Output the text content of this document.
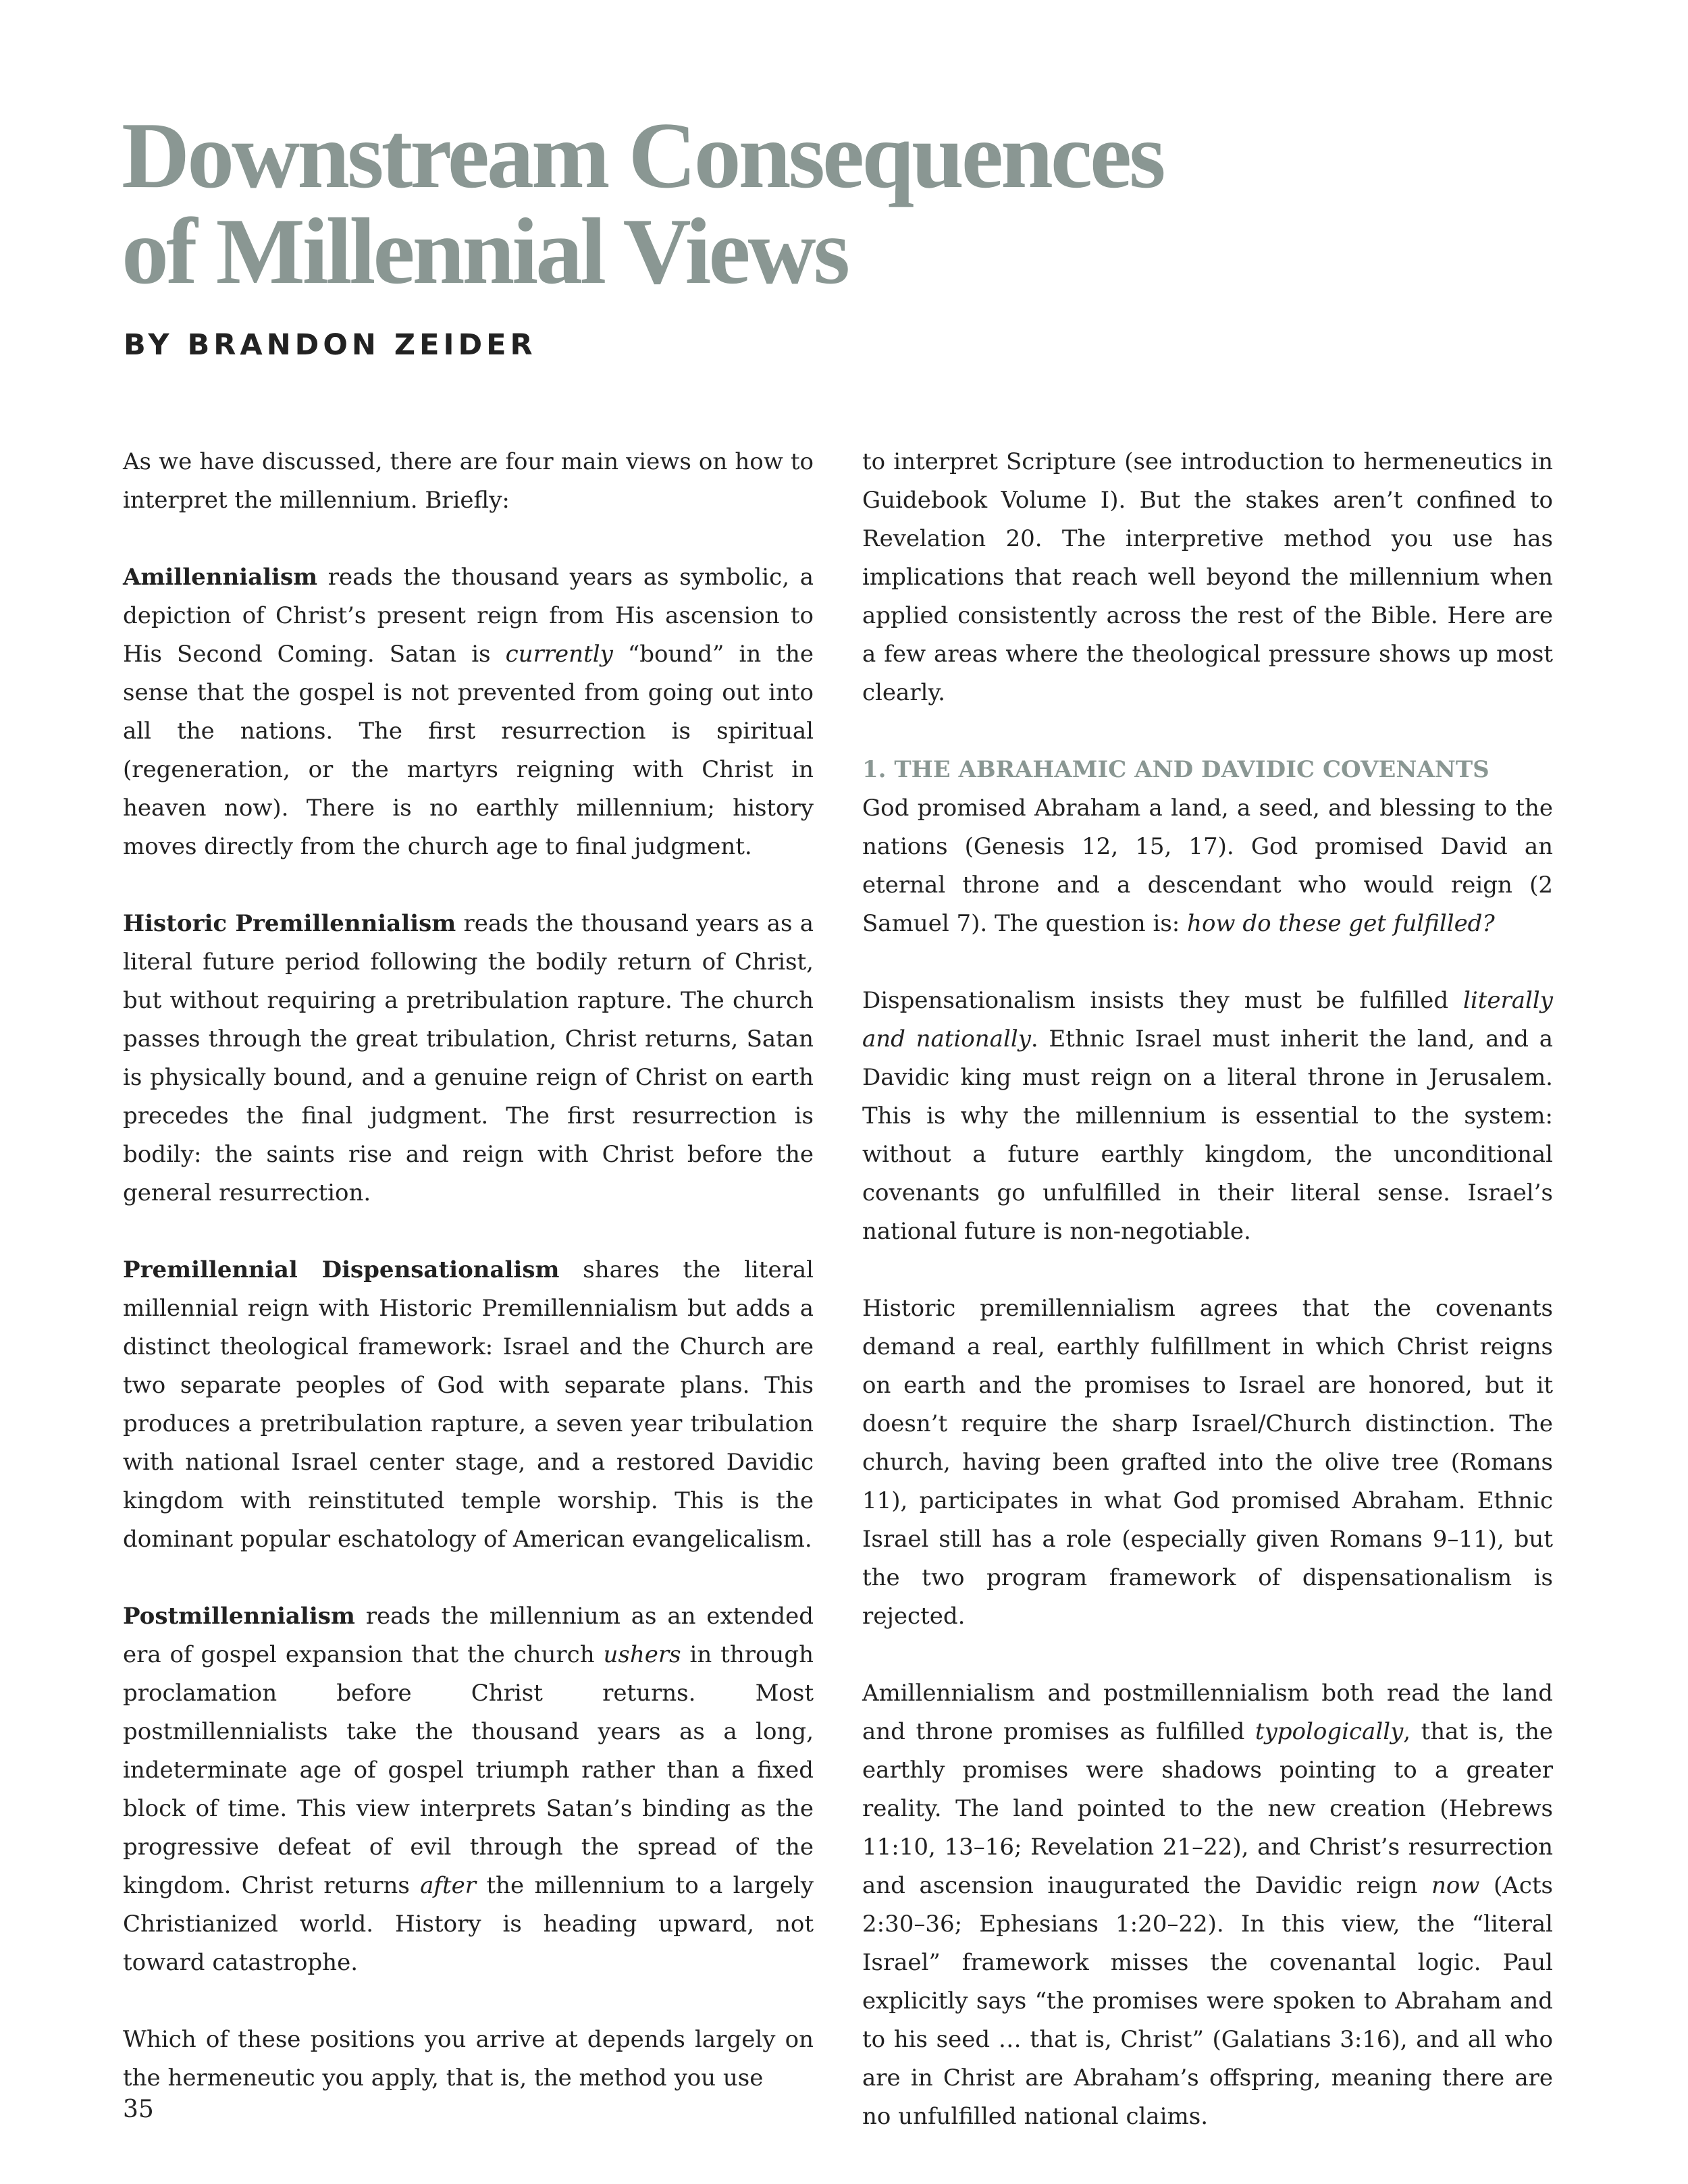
Downstream Consequences
of Millennial Views
BY BRANDON ZEIDER

As we have discussed, there are four main views on how to interpret the millennium. Briefly:

Amillennialism reads the thousand years as symbolic, a depiction of Christ’s present reign from His ascension to His Second Coming. Satan is currently “bound” in the sense that the gospel is not prevented from going out into all the nations. The first resurrection is spiritual (regeneration, or the martyrs reigning with Christ in heaven now). There is no earthly millennium; history moves directly from the church age to final judgment.

Historic Premillennialism reads the thousand years as a literal future period following the bodily return of Christ, but without requiring a pretribulation rapture. The church passes through the great tribulation, Christ returns, Satan is physically bound, and a genuine reign of Christ on earth precedes the final judgment. The first resurrection is bodily: the saints rise and reign with Christ before the general resurrection.

Premillennial Dispensationalism shares the literal millennial reign with Historic Premillennialism but adds a distinct theological framework: Israel and the Church are two separate peoples of God with separate plans. This produces a pretribulation rapture, a seven year tribulation with national Israel center stage, and a restored Davidic kingdom with reinstituted temple worship. This is the dominant popular eschatology of American evangelicalism.

Postmillennialism reads the millennium as an extended era of gospel expansion that the church ushers in through proclamation before Christ returns. Most postmillennialists take the thousand years as a long, indeterminate age of gospel triumph rather than a fixed block of time. This view interprets Satan’s binding as the progressive defeat of evil through the spread of the kingdom. Christ returns after the millennium to a largely Christianized world. History is heading upward, not toward catastrophe.

Which of these positions you arrive at depends largely on the hermeneutic you apply, that is, the method you use

to interpret Scripture (see introduction to hermeneutics in Guidebook Volume I). But the stakes aren’t confined to Revelation 20. The interpretive method you use has implications that reach well beyond the millennium when applied consistently across the rest of the Bible. Here are a few areas where the theological pressure shows up most clearly.

1. THE ABRAHAMIC AND DAVIDIC COVENANTS

God promised Abraham a land, a seed, and blessing to the nations (Genesis 12, 15, 17). God promised David an eternal throne and a descendant who would reign (2 Samuel 7). The question is: how do these get fulfilled?

Dispensationalism insists they must be fulfilled literally and nationally. Ethnic Israel must inherit the land, and a Davidic king must reign on a literal throne in Jerusalem. This is why the millennium is essential to the system: without a future earthly kingdom, the unconditional covenants go unfulfilled in their literal sense. Israel’s national future is non-negotiable.

Historic premillennialism agrees that the covenants demand a real, earthly fulfillment in which Christ reigns on earth and the promises to Israel are honored, but it doesn’t require the sharp Israel/Church distinction. The church, having been grafted into the olive tree (Romans 11), participates in what God promised Abraham. Ethnic Israel still has a role (especially given Romans 9–11), but the two program framework of dispensationalism is rejected.

Amillennialism and postmillennialism both read the land and throne promises as fulfilled typologically, that is, the earthly promises were shadows pointing to a greater reality. The land pointed to the new creation (Hebrews 11:10, 13–16; Revelation 21–22), and Christ’s resurrection and ascension inaugurated the Davidic reign now (Acts 2:30–36; Ephesians 1:20–22). In this view, the “literal Israel” framework misses the covenantal logic. Paul explicitly says “the promises were spoken to Abraham and to his seed … that is, Christ” (Galatians 3:16), and all who are in Christ are Abraham’s offspring, meaning there are no unfulfilled national claims.

35
